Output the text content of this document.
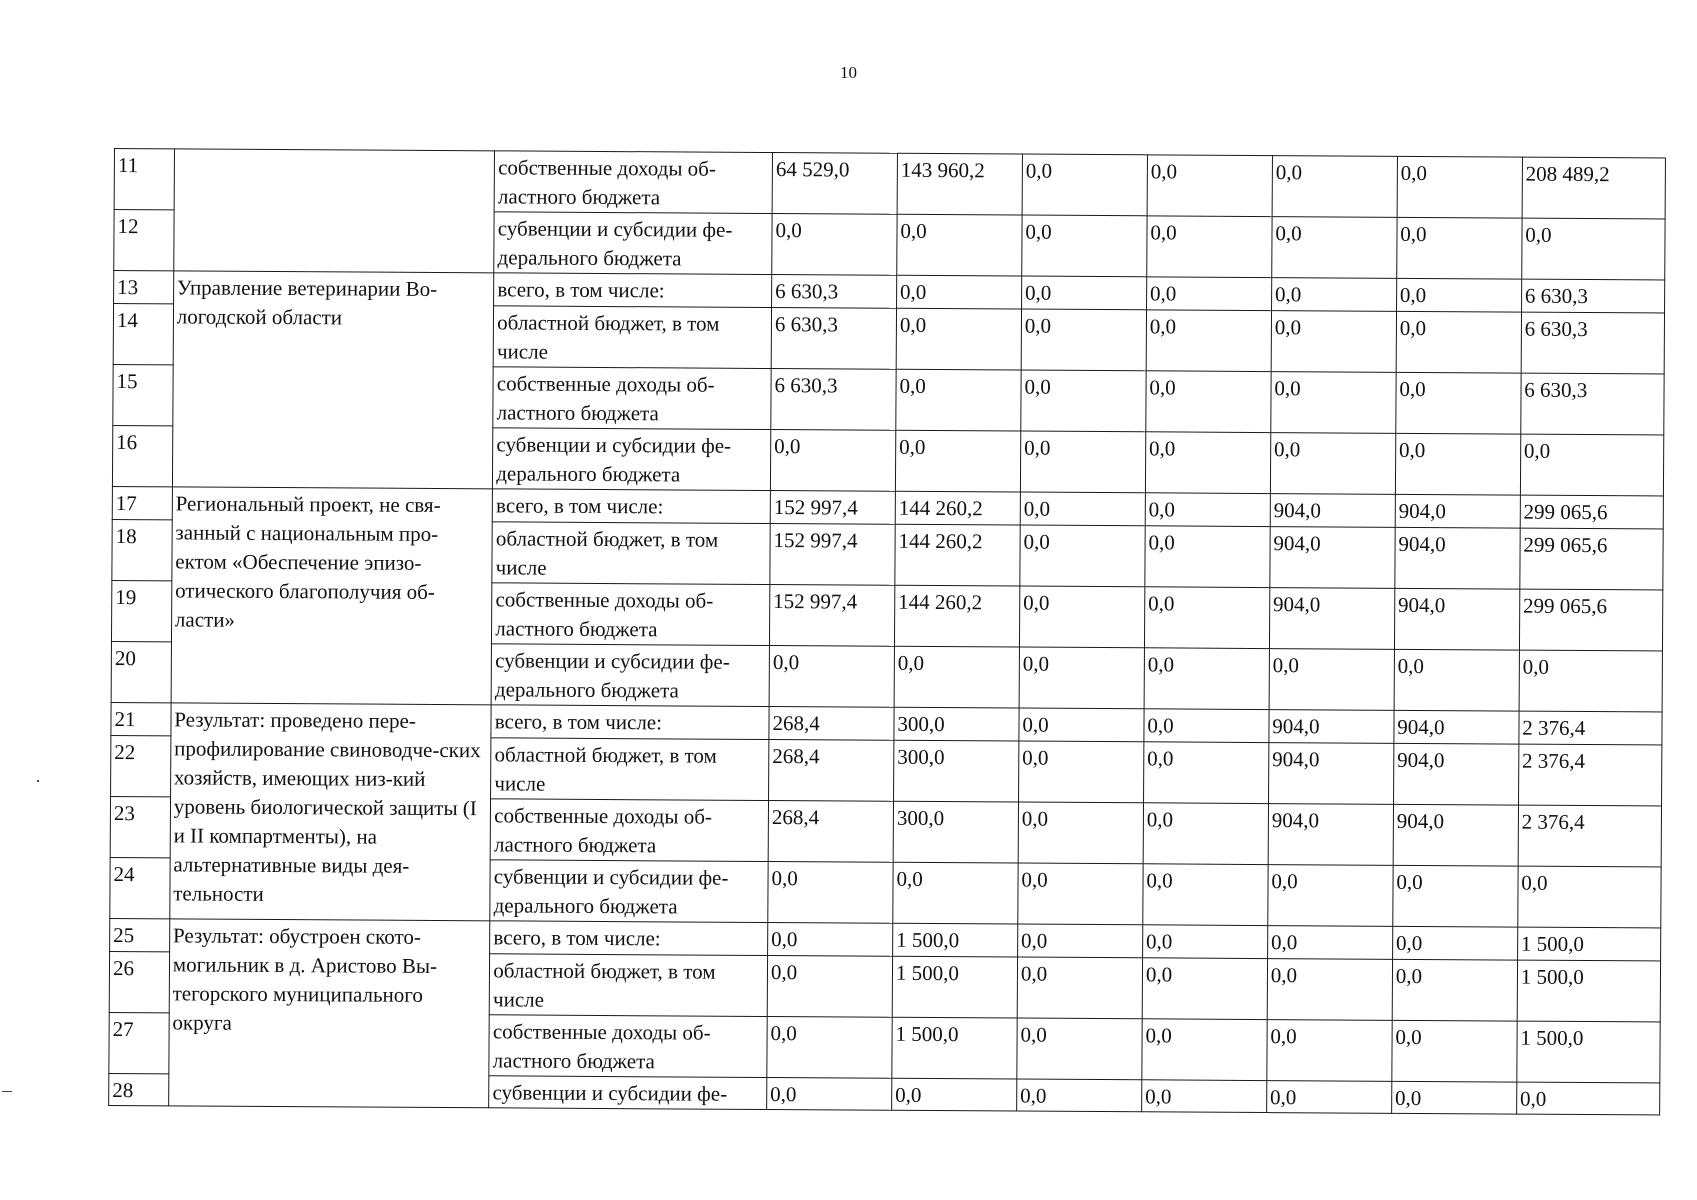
10
11		собственные доходы об-ластного бюджета	64 529,0	143 960,2	0,0	0,0	0,0	0,0	208 489,2
12		субвенции и субсидии фе-дерального бюджета	0,0	0,0	0,0	0,0	0,0	0,0	0,0
13	Управление ветеринарии Во-логодской области	всего, в том числе:	6 630,3	0,0	0,0	0,0	0,0	0,0	6 630,3
14		областной бюджет, в том числе	6 630,3	0,0	0,0	0,0	0,0	0,0	6 630,3
15		собственные доходы об-ластного бюджета	6 630,3	0,0	0,0	0,0	0,0	0,0	6 630,3
16		субвенции и субсидии фе-дерального бюджета	0,0	0,0	0,0	0,0	0,0	0,0	0,0
17	Региональный проект, не свя-занный с национальным про-ектом «Обеспечение эпизо-отического благополучия об-ласти»	всего, в том числе:	152 997,4	144 260,2	0,0	0,0	904,0	904,0	299 065,6
18		областной бюджет, в том числе	152 997,4	144 260,2	0,0	0,0	904,0	904,0	299 065,6
19		собственные доходы об-ластного бюджета	152 997,4	144 260,2	0,0	0,0	904,0	904,0	299 065,6
20		субвенции и субсидии фе-дерального бюджета	0,0	0,0	0,0	0,0	0,0	0,0	0,0
21	Результат: проведено пере-профилирование свиноводче-ских хозяйств, имеющих низ-кий уровень биологической защиты (I и II компартменты), на альтернативные виды дея-тельности	всего, в том числе:	268,4	300,0	0,0	0,0	904,0	904,0	2 376,4
22		областной бюджет, в том числе	268,4	300,0	0,0	0,0	904,0	904,0	2 376,4
23		собственные доходы об-ластного бюджета	268,4	300,0	0,0	0,0	904,0	904,0	2 376,4
24		субвенции и субсидии фе-дерального бюджета	0,0	0,0	0,0	0,0	0,0	0,0	0,0
25	Результат: обустроен ското-могильник в д. Аристово Вы-тегорского муниципального округа	всего, в том числе:	0,0	1 500,0	0,0	0,0	0,0	0,0	1 500,0
26		областной бюджет, в том числе	0,0	1 500,0	0,0	0,0	0,0	0,0	1 500,0
27		собственные доходы об-ластного бюджета	0,0	1 500,0	0,0	0,0	0,0	0,0	1 500,0
28		субвенции и субсидии фе-	0,0	0,0	0,0	0,0	0,0	0,0	0,0
